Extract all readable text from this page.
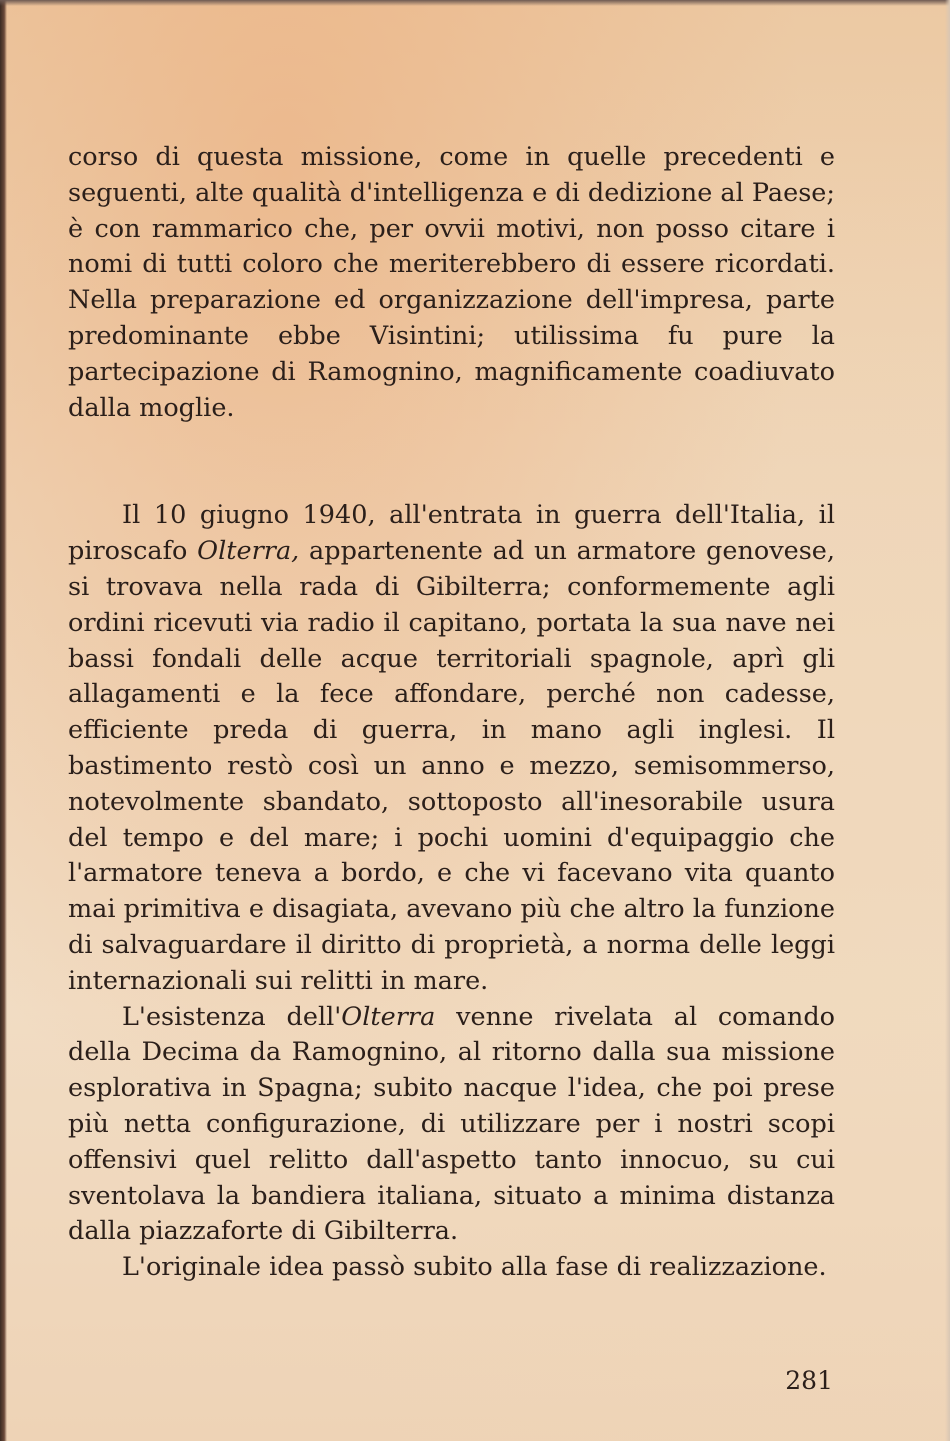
corso di questa missione, come in quelle precedenti e seguenti, alte qualità d'intelligenza e di dedizione al Paese; è con rammarico che, per ovvii motivi, non posso citare i nomi di tutti coloro che meriterebbero di essere ricordati. Nella preparazione ed organizzazione dell'impresa, parte predominante ebbe Visintini; utilissima fu pure la partecipazione di Ramognino, magnificamente coadiuvato dalla moglie.

Il 10 giugno 1940, all'entrata in guerra dell'Italia, il piroscafo Olterra, appartenente ad un armatore genovese, si trovava nella rada di Gibilterra; conformemente agli ordini ricevuti via radio il capitano, portata la sua nave nei bassi fondali delle acque territoriali spagnole, aprì gli allagamenti e la fece affondare, perché non cadesse, efficiente preda di guerra, in mano agli inglesi. Il bastimento restò così un anno e mezzo, semisommerso, notevolmente sbandato, sottoposto all'inesorabile usura del tempo e del mare; i pochi uomini d'equipaggio che l'armatore teneva a bordo, e che vi facevano vita quanto mai primitiva e disagiata, avevano più che altro la funzione di salvaguardare il diritto di proprietà, a norma delle leggi internazionali sui relitti in mare.

L'esistenza dell'Olterra venne rivelata al comando della Decima da Ramognino, al ritorno dalla sua missione esplorativa in Spagna; subito nacque l'idea, che poi prese più netta configurazione, di utilizzare per i nostri scopi offensivi quel relitto dall'aspetto tanto innocuo, su cui sventolava la bandiera italiana, situato a minima distanza dalla piazzaforte di Gibilterra.

L'originale idea passò subito alla fase di realizzazione.

281
